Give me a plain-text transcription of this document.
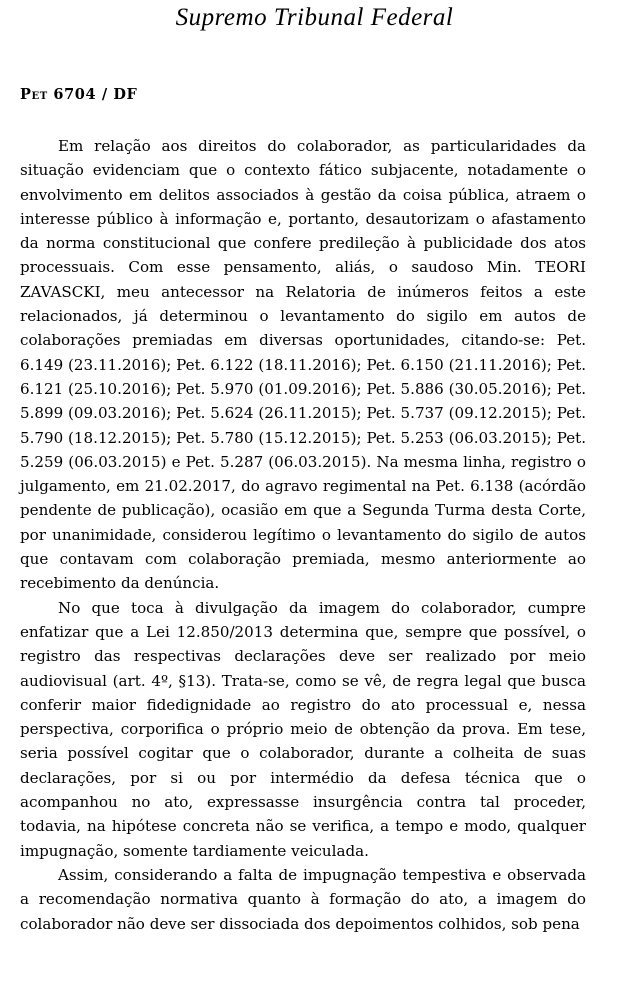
Supremo Tribunal Federal
Pet 6704 / DF

Em relação aos direitos do colaborador, as particularidades da situação evidenciam que o contexto fático subjacente, notadamente o envolvimento em delitos associados à gestão da coisa pública, atraem o interesse público à informação e, portanto, desautorizam o afastamento da norma constitucional que confere predileção à publicidade dos atos processuais. Com esse pensamento, aliás, o saudoso Min. TEORI ZAVASCKI, meu antecessor na Relatoria de inúmeros feitos a este relacionados, já determinou o levantamento do sigilo em autos de colaborações premiadas em diversas oportunidades, citando-se: Pet. 6.149 (23.11.2016); Pet. 6.122 (18.11.2016); Pet. 6.150 (21.11.2016); Pet. 6.121 (25.10.2016); Pet. 5.970 (01.09.2016); Pet. 5.886 (30.05.2016); Pet. 5.899 (09.03.2016); Pet. 5.624 (26.11.2015); Pet. 5.737 (09.12.2015); Pet. 5.790 (18.12.2015); Pet. 5.780 (15.12.2015); Pet. 5.253 (06.03.2015); Pet. 5.259 (06.03.2015) e Pet. 5.287 (06.03.2015). Na mesma linha, registro o julgamento, em 21.02.2017, do agravo regimental na Pet. 6.138 (acórdão pendente de publicação), ocasião em que a Segunda Turma desta Corte, por unanimidade, considerou legítimo o levantamento do sigilo de autos que contavam com colaboração premiada, mesmo anteriormente ao recebimento da denúncia.

No que toca à divulgação da imagem do colaborador, cumpre enfatizar que a Lei 12.850/2013 determina que, sempre que possível, o registro das respectivas declarações deve ser realizado por meio audiovisual (art. 4º, §13). Trata-se, como se vê, de regra legal que busca conferir maior fidedignidade ao registro do ato processual e, nessa perspectiva, corporifica o próprio meio de obtenção da prova. Em tese, seria possível cogitar que o colaborador, durante a colheita de suas declarações, por si ou por intermédio da defesa técnica que o acompanhou no ato, expressasse insurgência contra tal proceder, todavia, na hipótese concreta não se verifica, a tempo e modo, qualquer impugnação, somente tardiamente veiculada.

Assim, considerando a falta de impugnação tempestiva e observada a recomendação normativa quanto à formação do ato, a imagem do colaborador não deve ser dissociada dos depoimentos colhidos, sob pena
